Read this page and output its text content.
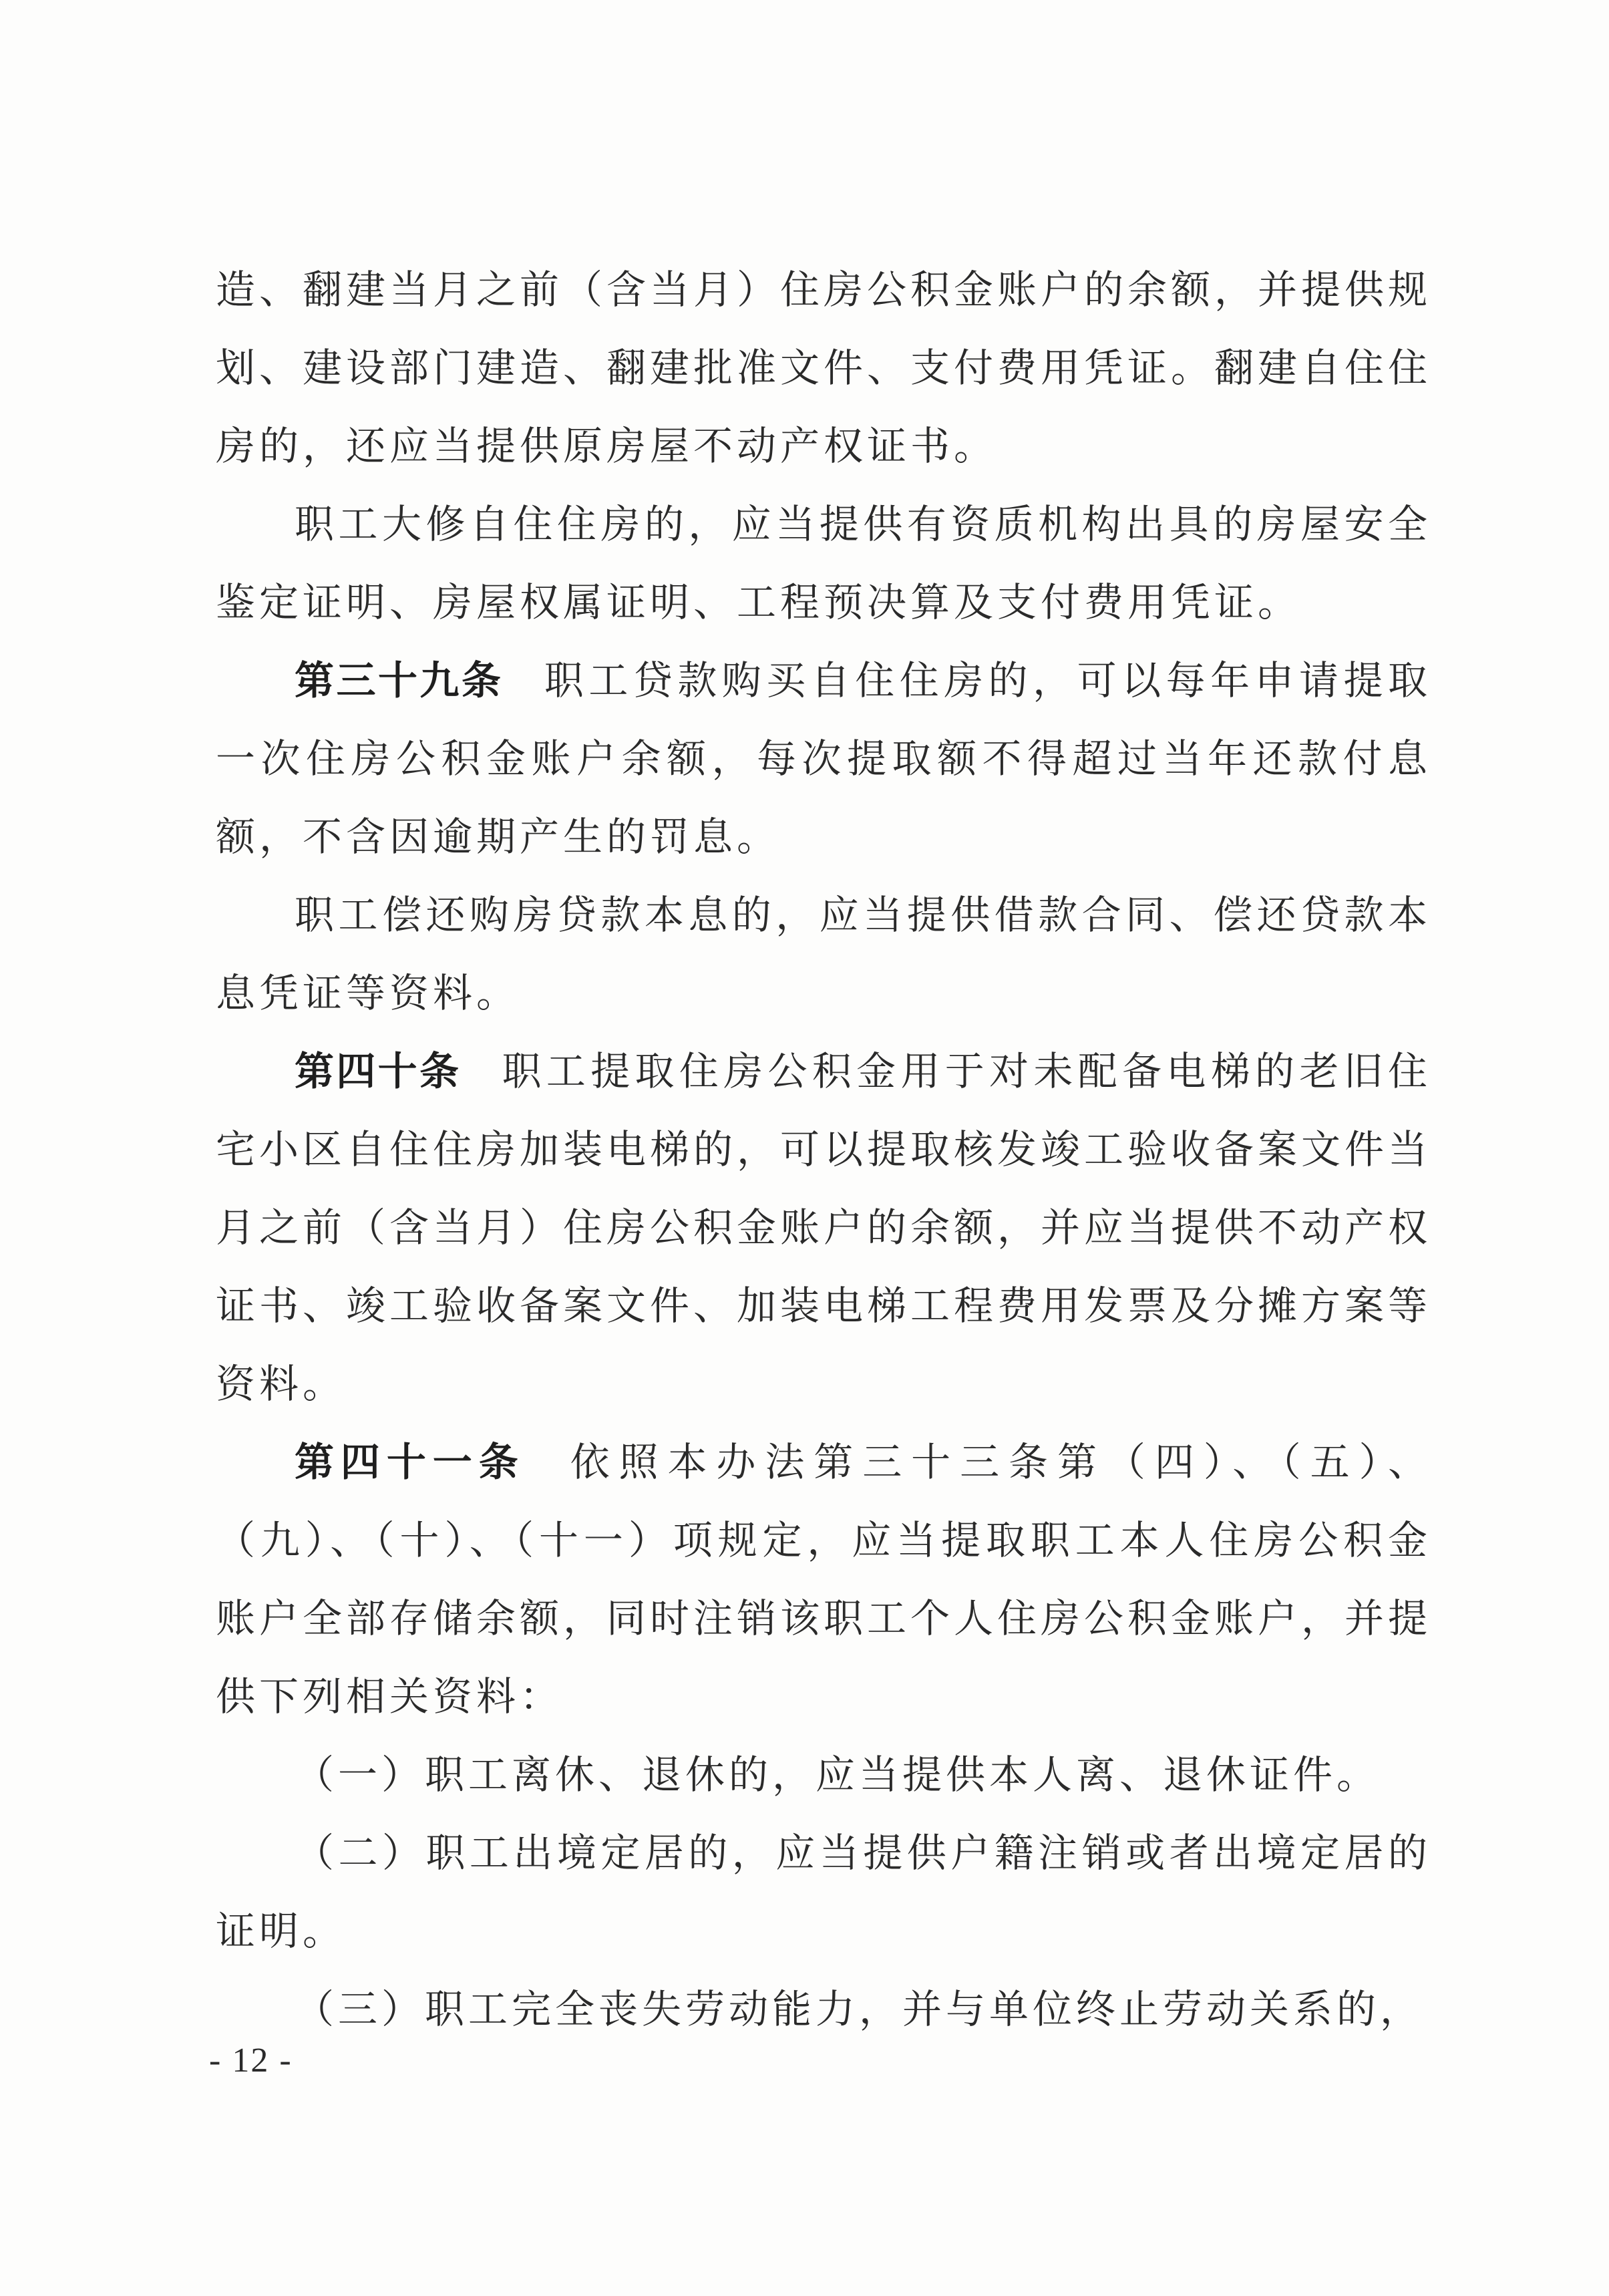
造、翻建当月之前（含当月）住房公积金账户的余额，并提供规划、建设部门建造、翻建批准文件、支付费用凭证。翻建自住住房的，还应当提供原房屋不动产权证书。

职工大修自住住房的，应当提供有资质机构出具的房屋安全鉴定证明、房屋权属证明、工程预决算及支付费用凭证。

第三十九条 职工贷款购买自住住房的，可以每年申请提取一次住房公积金账户余额，每次提取额不得超过当年还款付息额，不含因逾期产生的罚息。

职工偿还购房贷款本息的，应当提供借款合同、偿还贷款本息凭证等资料。

第四十条 职工提取住房公积金用于对未配备电梯的老旧住宅小区自住住房加装电梯的，可以提取核发竣工验收备案文件当月之前（含当月）住房公积金账户的余额，并应当提供不动产权证书、竣工验收备案文件、加装电梯工程费用发票及分摊方案等资料。

第四十一条 依照本办法第三十三条第（四）、（五）、（九）、（十）、（十一）项规定，应当提取职工本人住房公积金账户全部存储余额，同时注销该职工个人住房公积金账户，并提供下列相关资料：

（一）职工离休、退休的，应当提供本人离、退休证件。

（二）职工出境定居的，应当提供户籍注销或者出境定居的证明。

（三）职工完全丧失劳动能力，并与单位终止劳动关系的，

- 12 -
